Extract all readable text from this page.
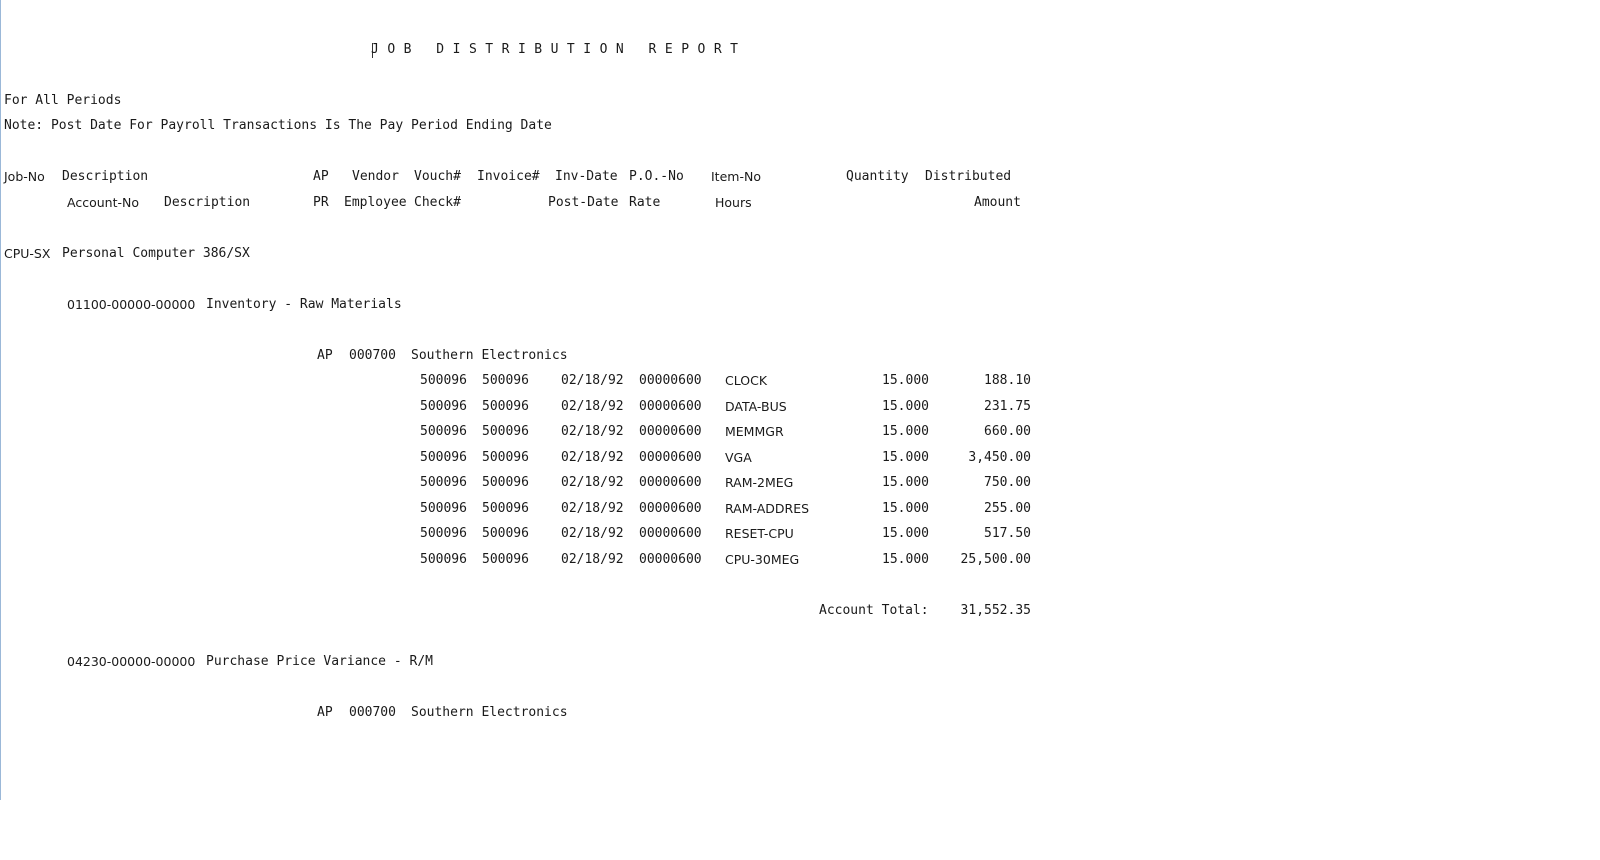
JOB DISTRIBUTION REPORT
For All Periods
Note: Post Date For Payroll Transactions Is The Pay Period Ending Date
Job-No Description	AP Vendor Vouch# Invoice# Inv-Date P.O.-No Item-No	Quantity Distributed
Account-No Description	PR Employee Check#	Post-Date Rate	Hours	Amount
CPU-SX Personal Computer 386/SX
01100-00000-00000 Inventory - Raw Materials
AP 000700 Southern Electronics
500096 500096 02/18/92 00000600 CLOCK	15.000	188.10
500096 500096 02/18/92 00000600 DATA-BUS	15.000	231.75
500096 500096 02/18/92 00000600 MEMMGR	15.000	660.00
500096 500096 02/18/92 00000600 VGA	15.000	3,450.00
500096 500096 02/18/92 00000600 RAM-2MEG	15.000	750.00
500096 500096 02/18/92 00000600 RAM-ADDRES	15.000	255.00
500096 500096 02/18/92 00000600 RESET-CPU	15.000	517.50
500096 500096 02/18/92 00000600 CPU-30MEG	15.000	25,500.00
Account Total:	31,552.35
04230-00000-00000 Purchase Price Variance - R/M
AP 000700 Southern Electronics
